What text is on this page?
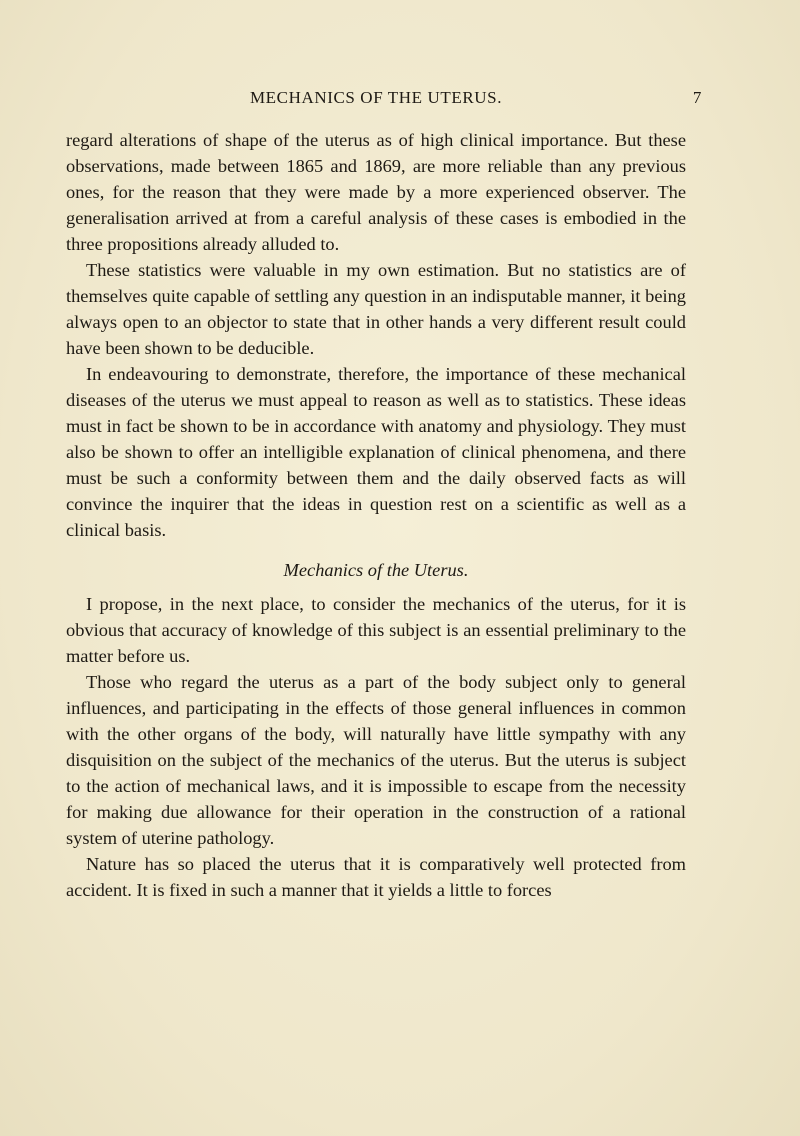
MECHANICS OF THE UTERUS.	7

regard alterations of shape of the uterus as of high clinical importance. But these observations, made between 1865 and 1869, are more reliable than any previous ones, for the reason that they were made by a more experienced observer. The generalisation arrived at from a careful analysis of these cases is embodied in the three propositions already alluded to.

These statistics were valuable in my own estimation. But no statistics are of themselves quite capable of settling any question in an indisputable manner, it being always open to an objector to state that in other hands a very different result could have been shown to be deducible.

In endeavouring to demonstrate, therefore, the importance of these mechanical diseases of the uterus we must appeal to reason as well as to statistics. These ideas must in fact be shown to be in accordance with anatomy and physiology. They must also be shown to offer an intelligible explanation of clinical phenomena, and there must be such a conformity between them and the daily observed facts as will convince the inquirer that the ideas in question rest on a scientific as well as a clinical basis.

Mechanics of the Uterus.

I propose, in the next place, to consider the mechanics of the uterus, for it is obvious that accuracy of knowledge of this subject is an essential preliminary to the matter before us.

Those who regard the uterus as a part of the body subject only to general influences, and participating in the effects of those general influences in common with the other organs of the body, will naturally have little sympathy with any disquisition on the subject of the mechanics of the uterus. But the uterus is subject to the action of mechanical laws, and it is impossible to escape from the necessity for making due allowance for their operation in the construction of a rational system of uterine pathology.

Nature has so placed the uterus that it is comparatively well protected from accident. It is fixed in such a manner that it yields a little to forces
